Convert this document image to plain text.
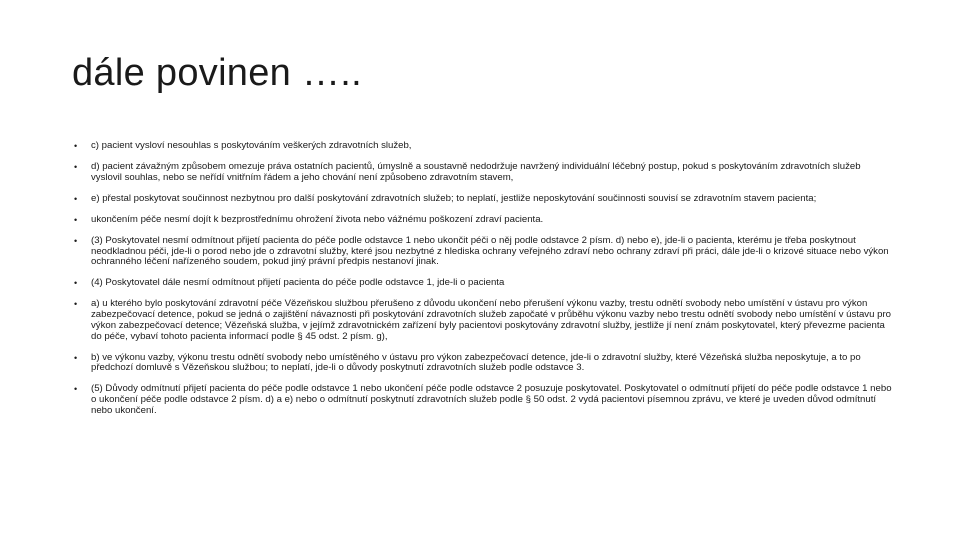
dále povinen …..
• c) pacient vysloví nesouhlas s poskytováním veškerých zdravotních služeb,
• d) pacient závažným způsobem omezuje práva ostatních pacientů, úmyslně a soustavně nedodržuje navržený individuální léčebný postup, pokud s poskytováním zdravotních služeb vyslovil souhlas, nebo se neřídí vnitřním řádem a jeho chování není způsobeno zdravotním stavem,
• e) přestal poskytovat součinnost nezbytnou pro další poskytování zdravotních služeb; to neplatí, jestliže neposkytování součinnosti souvisí se zdravotním stavem pacienta;
• ukončením péče nesmí dojít k bezprostřednímu ohrožení života nebo vážnému poškození zdraví pacienta.
• (3) Poskytovatel nesmí odmítnout přijetí pacienta do péče podle odstavce 1 nebo ukončit péči o něj podle odstavce 2 písm. d) nebo e), jde-li o pacienta, kterému je třeba poskytnout neodkladnou péči, jde-li o porod nebo jde o zdravotní služby, které jsou nezbytné z hlediska ochrany veřejného zdraví nebo ochrany zdraví při práci, dále jde-li o krizové situace nebo výkon ochranného léčení nařízeného soudem, pokud jiný právní předpis nestanoví jinak.
• (4) Poskytovatel dále nesmí odmítnout přijetí pacienta do péče podle odstavce 1, jde-li o pacienta
• a) u kterého bylo poskytování zdravotní péče Vězeňskou službou přerušeno z důvodu ukončení nebo přerušení výkonu vazby, trestu odnětí svobody nebo umístění v ústavu pro výkon zabezpečovací detence, pokud se jedná o zajištění návaznosti při poskytování zdravotních služeb započaté v průběhu výkonu vazby nebo trestu odnětí svobody nebo umístění v ústavu pro výkon zabezpečovací detence; Vězeňská služba, v jejímž zdravotnickém zařízení byly pacientovi poskytovány zdravotní služby, jestliže jí není znám poskytovatel, který převezme pacienta do péče, vybaví tohoto pacienta informací podle § 45 odst. 2 písm. g),
• b) ve výkonu vazby, výkonu trestu odnětí svobody nebo umístěného v ústavu pro výkon zabezpečovací detence, jde-li o zdravotní služby, které Vězeňská služba neposkytuje, a to po předchozí domluvě s Vězeňskou službou; to neplatí, jde-li o důvody poskytnutí zdravotních služeb podle odstavce 3.
• (5) Důvody odmítnutí přijetí pacienta do péče podle odstavce 1 nebo ukončení péče podle odstavce 2 posuzuje poskytovatel. Poskytovatel o odmítnutí přijetí do péče podle odstavce 1 nebo o ukončení péče podle odstavce 2 písm. d) a e) nebo o odmítnutí poskytnutí zdravotních služeb podle § 50 odst. 2 vydá pacientovi písemnou zprávu, ve které je uveden důvod odmítnutí nebo ukončení.
